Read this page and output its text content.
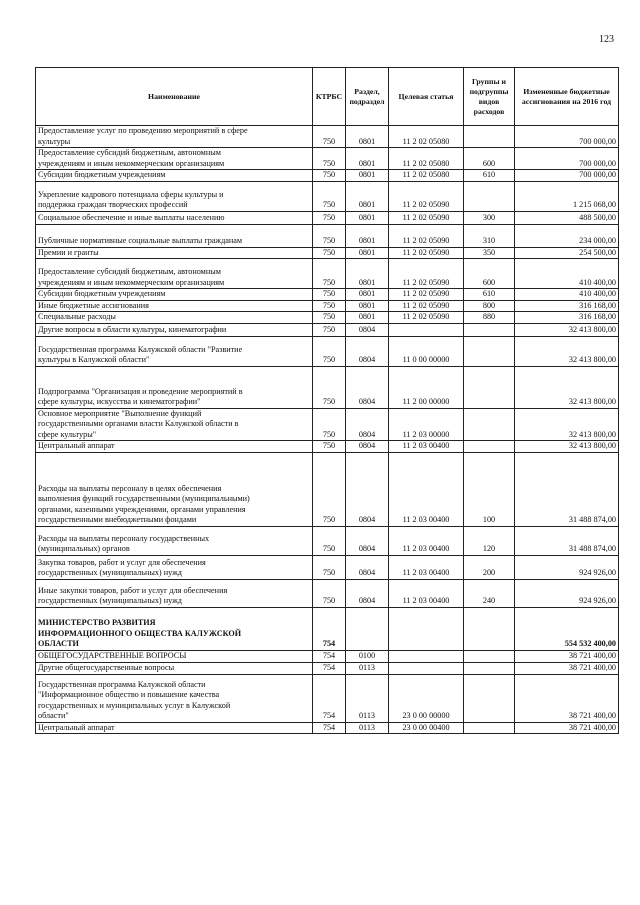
123
Наименование	КТРБС	Раздел, подраздел	Целевая статья	Группы и подгруппы видов расходов	Измененные бюджетные ассигнования на 2016 год
Предоставление услуг по проведению мероприятий в сфере
культуры	750	0801	11 2 02 05080		700 000,00
Предоставление субсидий бюджетным, автономным
учреждениям и иным некоммерческим организациям	750	0801	11 2 02 05080	600	700 000,00
Субсидии бюджетным учреждениям	750	0801	11 2 02 05080	610	700 000,00
Укрепление кадрового потенциала сферы культуры и
поддержка граждан творческих профессий	750	0801	11 2 02 05090		1 215 068,00
Социальное обеспечение и иные выплаты населению	750	0801	11 2 02 05090	300	488 500,00
Публичные нормативные социальные выплаты гражданам	750	0801	11 2 02 05090	310	234 000,00
Премии и гранты	750	0801	11 2 02 05090	350	254 500,00
Предоставление субсидий бюджетным, автономным
учреждениям и иным некоммерческим организациям	750	0801	11 2 02 05090	600	410 400,00
Субсидии бюджетным учреждениям	750	0801	11 2 02 05090	610	410 400,00
Иные бюджетные ассигнования	750	0801	11 2 02 05090	800	316 168,00
Специальные расходы	750	0801	11 2 02 05090	880	316 168,00
Другие вопросы в области культуры, кинематографии	750	0804			32 413 800,00
Государственная программа Калужской области "Развитие
культуры в Калужской области"	750	0804	11 0 00 00000		32 413 800,00
Подпрограмма "Организация и проведение мероприятий в
сфере культуры, искусства и кинематографии"	750	0804	11 2 00 00000		32 413 800,00
Основное мероприятие "Выполнение функций
государственными органами власти Калужской области в
сфере культуры"	750	0804	11 2 03 00000		32 413 800,00
Центральный аппарат	750	0804	11 2 03 00400		32 413 800,00
Расходы на выплаты персоналу в целях обеспечения
выполнения функций государственными (муниципальными)
органами, казенными учреждениями, органами управления
государственными внебюджетными фондами	750	0804	11 2 03 00400	100	31 488 874,00
Расходы на выплаты персоналу государственных
(муниципальных) органов	750	0804	11 2 03 00400	120	31 488 874,00
Закупка товаров, работ и услуг для обеспечения
государственных (муниципальных) нужд	750	0804	11 2 03 00400	200	924 926,00
Иные закупки товаров, работ и услуг для обеспечения
государственных (муниципальных) нужд	750	0804	11 2 03 00400	240	924 926,00
МИНИСТЕРСТВО РАЗВИТИЯ
ИНФОРМАЦИОННОГО ОБЩЕСТВА КАЛУЖСКОЙ
ОБЛАСТИ	754				554 532 400,00
ОБЩЕГОСУДАРСТВЕННЫЕ ВОПРОСЫ	754	0100			38 721 400,00
Другие общегосударственные вопросы	754	0113			38 721 400,00
Государственная программа Калужской области
"Информационное общество и повышение качества
государственных и муниципальных услуг в Калужской
области"	754	0113	23 0 00 00000		38 721 400,00
Центральный аппарат	754	0113	23 0 00 00400		38 721 400,00
